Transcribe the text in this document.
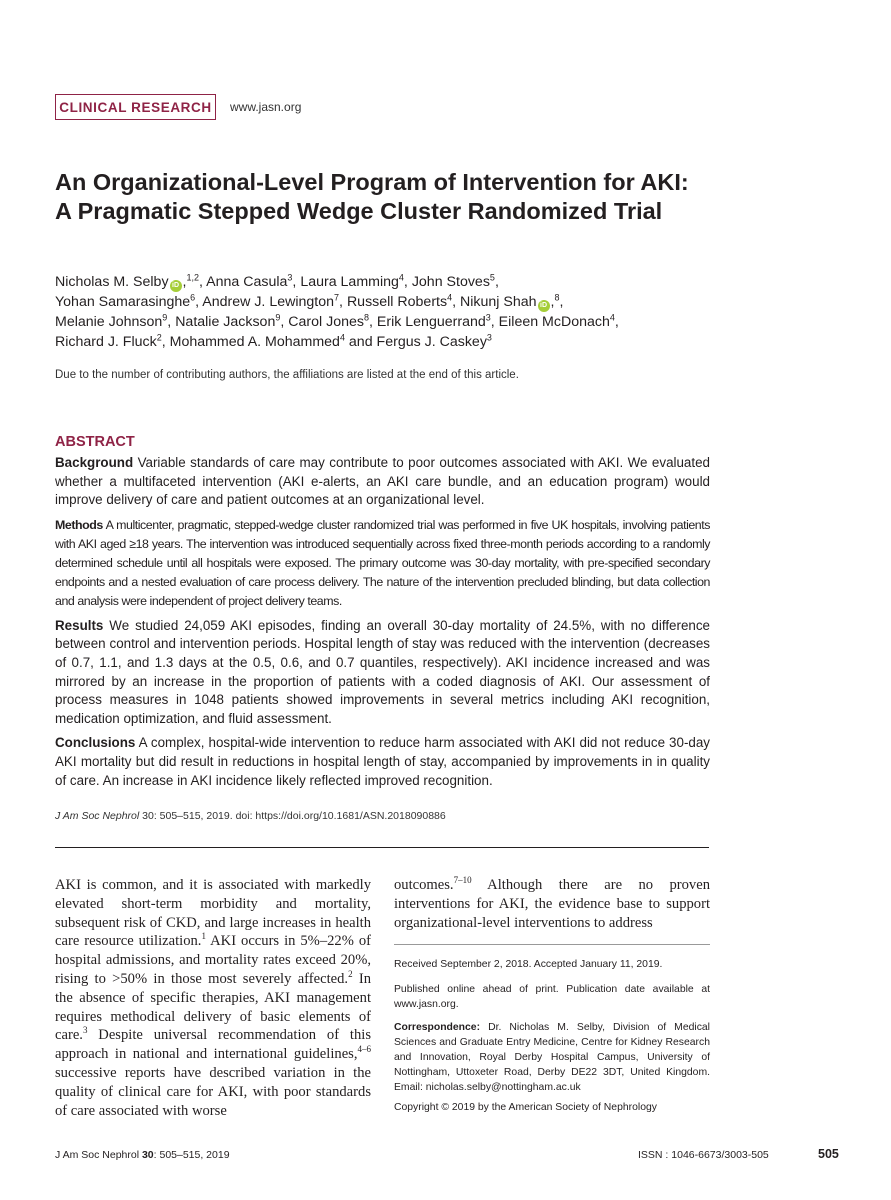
CLINICAL RESEARCH	www.jasn.org
An Organizational-Level Program of Intervention for AKI: A Pragmatic Stepped Wedge Cluster Randomized Trial
Nicholas M. Selby iD ,$^{1,2}$, Anna Casula$^3$, Laura Lamming$^4$, John Stoves$^5$,
Yohan Samarasinghe$^6$, Andrew J. Lewington$^7$, Russell Roberts$^4$, Nikunj Shah iD ,$^8$,
Melanie Johnson$^9$, Natalie Jackson$^9$, Carol Jones$^8$, Erik Lenguerrand$^3$, Eileen McDonach$^4$,
Richard J. Fluck$^2$, Mohammed A. Mohammed$^4$ and Fergus J. Caskey$^3$
Due to the number of contributing authors, the affiliations are listed at the end of this article.
ABSTRACT

Background Variable standards of care may contribute to poor outcomes associated with AKI. We evaluated whether a multifaceted intervention (AKI e-alerts, an AKI care bundle, and an education program) would improve delivery of care and patient outcomes at an organizational level.

Methods A multicenter, pragmatic, stepped-wedge cluster randomized trial was performed in five UK hospitals, involving patients with AKI aged ≥18 years. The intervention was introduced sequentially across fixed three-month periods according to a randomly determined schedule until all hospitals were exposed. The primary outcome was 30-day mortality, with pre-specified secondary endpoints and a nested evaluation of care process delivery. The nature of the intervention precluded blinding, but data collection and analysis were independent of project delivery teams.

Results We studied 24,059 AKI episodes, finding an overall 30-day mortality of 24.5%, with no difference between control and intervention periods. Hospital length of stay was reduced with the intervention (decreases of 0.7, 1.1, and 1.3 days at the 0.5, 0.6, and 0.7 quantiles, respectively). AKI incidence increased and was mirrored by an increase in the proportion of patients with a coded diagnosis of AKI. Our assessment of process measures in 1048 patients showed improvements in several metrics including AKI recognition, medication optimization, and fluid assessment.

Conclusions A complex, hospital-wide intervention to reduce harm associated with AKI did not reduce 30-day AKI mortality but did result in reductions in hospital length of stay, accompanied by improvements in in quality of care. An increase in AKI incidence likely reflected improved recognition.

J Am Soc Nephrol 30: 505–515, 2019. doi: https://doi.org/10.1681/ASN.2018090886

AKI is common, and it is associated with markedly elevated short-term morbidity and mortality, subsequent risk of CKD, and large increases in health care resource utilization.$^1$ AKI occurs in 5%–22% of hospital admissions, and mortality rates exceed 20%, rising to >50% in those most severely affected.$^2$ In the absence of specific therapies, AKI management requires methodical delivery of basic elements of care.$^3$ Despite universal recommendation of this approach in national and international guidelines,$^{4-6}$ successive reports have described variation in the quality of clinical care for AKI, with poor standards of care associated with worse

outcomes.$^{7-10}$ Although there are no proven interventions for AKI, the evidence base to support organizational-level interventions to address

Received September 2, 2018. Accepted January 11, 2019.

Published online ahead of print. Publication date available at www.jasn.org.

Correspondence: Dr. Nicholas M. Selby, Division of Medical Sciences and Graduate Entry Medicine, Centre for Kidney Research and Innovation, Royal Derby Hospital Campus, University of Nottingham, Uttoxeter Road, Derby DE22 3DT, United Kingdom. Email: nicholas.selby@nottingham.ac.uk

Copyright © 2019 by the American Society of Nephrology

J Am Soc Nephrol 30: 505–515, 2019	ISSN : 1046-6673/3003-505	505
